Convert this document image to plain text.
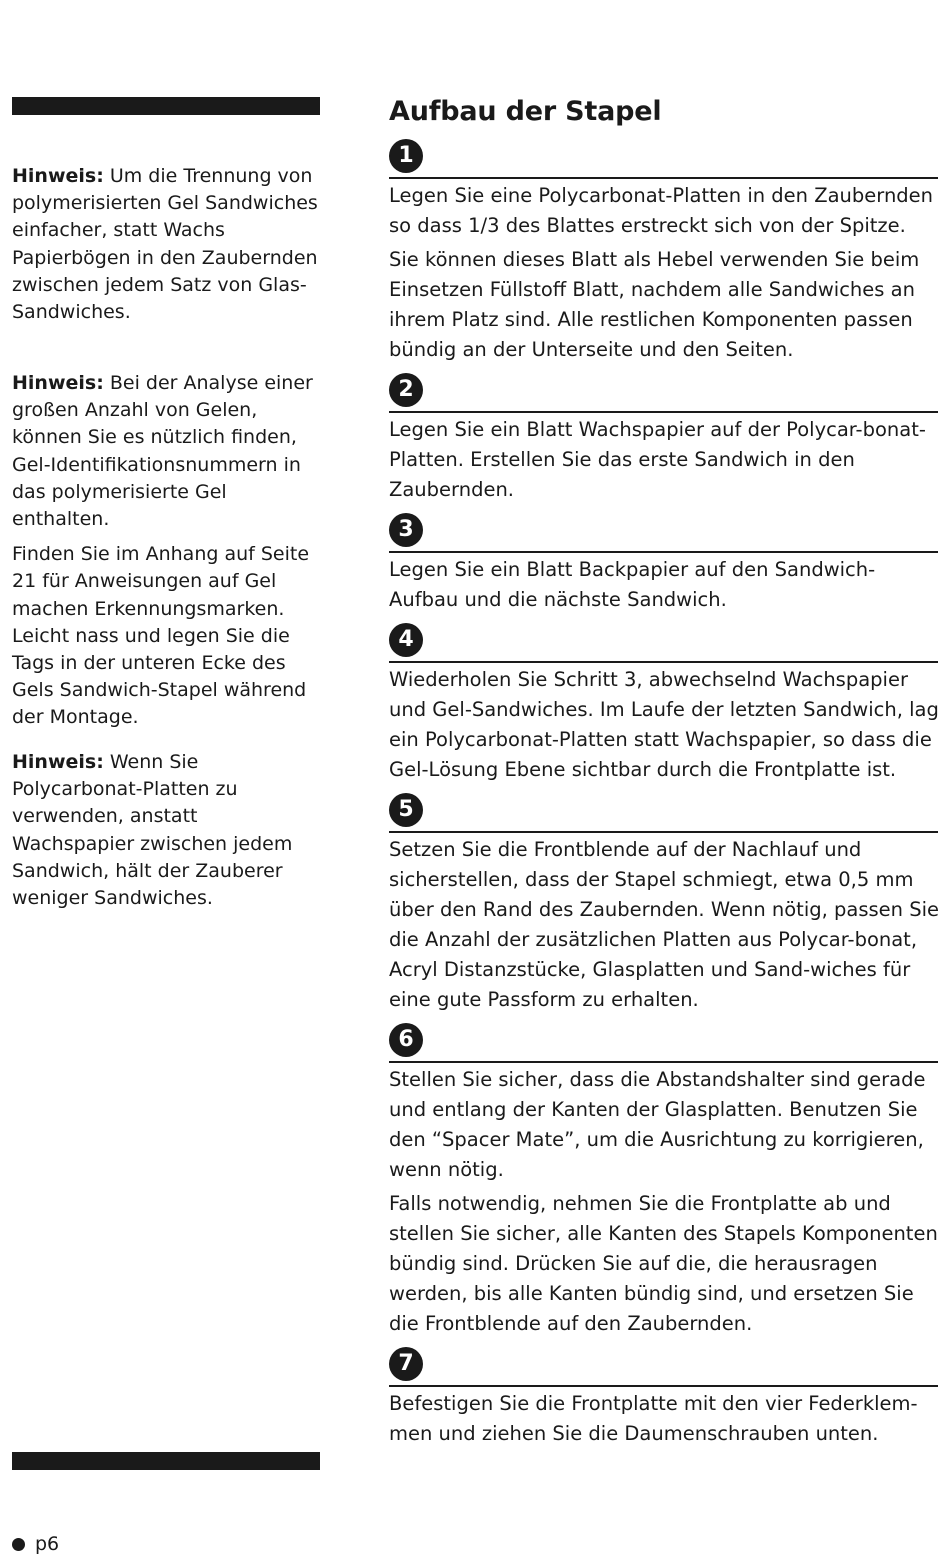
Hinweis: Um die Trennung von polymerisierten Gel Sandwiches einfacher, statt Wachs Papierbögen in den Zaubernden zwischen jedem Satz von Glas-Sandwiches.

Hinweis: Bei der Analyse einer großen Anzahl von Gelen, können Sie es nützlich finden, Gel-Identifikationsnummern in das polymerisierte Gel enthalten.

Finden Sie im Anhang auf Seite 21 für Anweisungen auf Gel machen Erkennungsmarken. Leicht nass und legen Sie die Tags in der unteren Ecke des Gels Sandwich-Stapel während der Montage.

Hinweis: Wenn Sie Polycarbonat-Platten zu verwenden, anstatt Wachspapier zwischen jedem Sandwich, hält der Zauberer weniger Sandwiches.

Aufbau der Stapel
1

Legen Sie eine Polycarbonat-Platten in den Zaubernden so dass 1/3 des Blattes erstreckt sich von der Spitze.

Sie können dieses Blatt als Hebel verwenden Sie beim Einsetzen Füllstoff Blatt, nachdem alle Sandwiches an ihrem Platz sind. Alle restlichen Komponenten passen bündig an der Unterseite und den Seiten.

2

Legen Sie ein Blatt Wachspapier auf der Polycar-bonat-Platten. Erstellen Sie das erste Sandwich in den Zaubernden.

3

Legen Sie ein Blatt Backpapier auf den Sandwich-Aufbau und die nächste Sandwich.

4

Wiederholen Sie Schritt 3, abwechselnd Wachspapier und Gel-Sandwiches. Im Laufe der letzten Sandwich, lag ein Polycarbonat-Platten statt Wachspapier, so dass die Gel-Lösung Ebene sichtbar durch die Frontplatte ist.

5

Setzen Sie die Frontblende auf der Nachlauf und sicherstellen, dass der Stapel schmiegt, etwa 0,5 mm über den Rand des Zaubernden. Wenn nötig, passen Sie die Anzahl der zusätzlichen Platten aus Polycar-bonat, Acryl Distanzstücke, Glasplatten und Sand-wiches für eine gute Passform zu erhalten.

6

Stellen Sie sicher, dass die Abstandshalter sind gerade und entlang der Kanten der Glasplatten. Benutzen Sie den “Spacer Mate”, um die Ausrichtung zu korrigieren, wenn nötig.

Falls notwendig, nehmen Sie die Frontplatte ab und stellen Sie sicher, alle Kanten des Stapels Komponenten bündig sind. Drücken Sie auf die, die herausragen werden, bis alle Kanten bündig sind, und ersetzen Sie die Frontblende auf den Zaubernden.

7

Befestigen Sie die Frontplatte mit den vier Federklem-men und ziehen Sie die Daumenschrauben unten.

p6
